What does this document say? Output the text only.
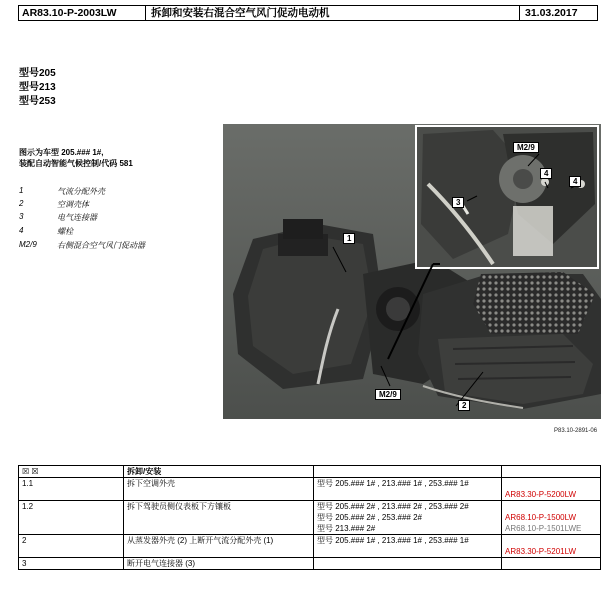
AR83.10-P-2003LW	拆卸和安装右混合空气风门促动电动机	31.03.2017
型号205
型号213
型号253
图示为车型 205.### 1#,
装配自动智能气候控制/代码 581
1	气流分配外壳
2	空调壳体
3	电气连接器
4	螺栓
M2/9	右侧混合空气风门促动器
1
2
M2/9
M2/9
3
4
4
P83.10-2891-06
☒ ☒	拆卸/安装		
1.1	拆下空调外壳	型号 205.### 1# , 213.### 1# , 253.### 1#	AR83.30-P-5200LW
1.2	拆下驾驶员侧仪表板下方镶板	型号 205.### 2# , 213.### 2# , 253.### 2#	
		型号 205.### 2# , 253.### 2#	AR68.10-P-1500LW
		型号 213.### 2#	AR68.10-P-1501LWE
2	从蒸发器外壳 (2) 上断开气流分配外壳 (1)	型号 205.### 1# , 213.### 1# , 253.### 1#	AR83.30-P-5201LW
3	断开电气连接器 (3)		
